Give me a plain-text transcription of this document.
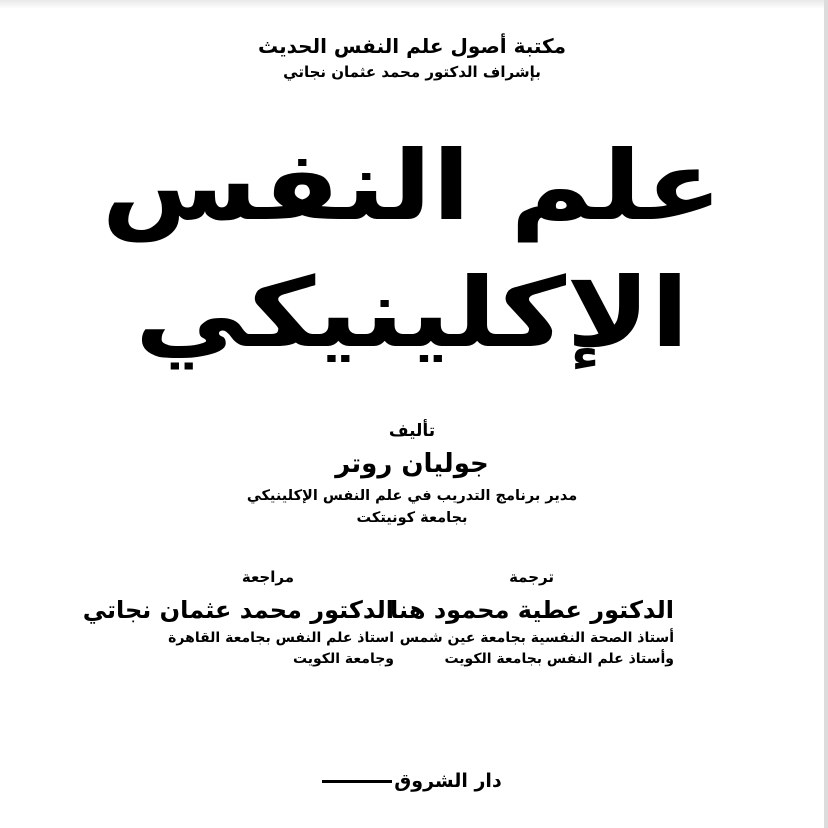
مكتبة أصول علم النفس الحديث
بإشراف الدكتور محمد عثمان نجاتي
علم النفس
الإكلينيكي
تأليف
جوليان روتر
مدير برنامج التدريب في علم النفس الإكلينيكي
بجامعة كونيتكت
ترجمة
الدكتور عطية محمود هنا
أستاذ الصحة النفسية بجامعة عين شمس
وأستاذ علم النفس بجامعة الكويت
مراجعة
الدكتور محمد عثمان نجاتي
استاذ علم النفس بجامعة القاهرة
وجامعة الكويت
دار الشروق
